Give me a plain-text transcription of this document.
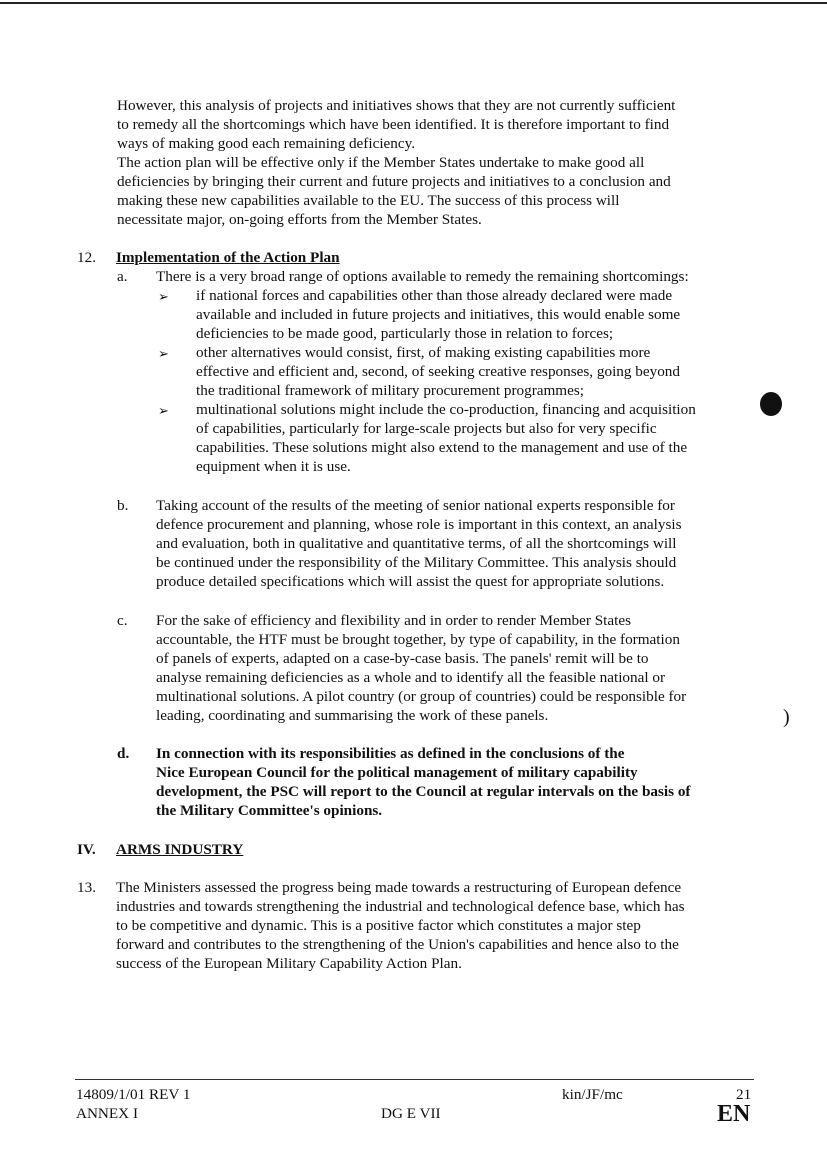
However, this analysis of projects and initiatives shows that they are not currently sufficient
to remedy all the shortcomings which have been identified. It is therefore important to find
ways of making good each remaining deficiency.
The action plan will be effective only if the Member States undertake to make good all
deficiencies by bringing their current and future projects and initiatives to a conclusion and
making these new capabilities available to the EU. The success of this process will
necessitate major, on-going efforts from the Member States.
12. Implementation of the Action Plan
a. There is a very broad range of options available to remedy the remaining shortcomings:
➢ if national forces and capabilities other than those already declared were made
available and included in future projects and initiatives, this would enable some
deficiencies to be made good, particularly those in relation to forces;
➢ other alternatives would consist, first, of making existing capabilities more
effective and efficient and, second, of seeking creative responses, going beyond
the traditional framework of military procurement programmes;
➢ multinational solutions might include the co-production, financing and acquisition
of capabilities, particularly for large-scale projects but also for very specific
capabilities. These solutions might also extend to the management and use of the
equipment when it is use.
b. Taking account of the results of the meeting of senior national experts responsible for
defence procurement and planning, whose role is important in this context, an analysis
and evaluation, both in qualitative and quantitative terms, of all the shortcomings will
be continued under the responsibility of the Military Committee. This analysis should
produce detailed specifications which will assist the quest for appropriate solutions.
c. For the sake of efficiency and flexibility and in order to render Member States
accountable, the HTF must be brought together, by type of capability, in the formation
of panels of experts, adapted on a case-by-case basis. The panels' remit will be to
analyse remaining deficiencies as a whole and to identify all the feasible national or
multinational solutions. A pilot country (or group of countries) could be responsible for
leading, coordinating and summarising the work of these panels.
d. In connection with its responsibilities as defined in the conclusions of the
Nice European Council for the political management of military capability
development, the PSC will report to the Council at regular intervals on the basis of
the Military Committee's opinions.
IV. ARMS INDUSTRY
13. The Ministers assessed the progress being made towards a restructuring of European defence
industries and towards strengthening the industrial and technological defence base, which has
to be competitive and dynamic. This is a positive factor which constitutes a major step
forward and contributes to the strengthening of the Union's capabilities and hence also to the
success of the European Military Capability Action Plan.
)
14809/1/01 REV 1
ANNEX I
kin/JF/mc
DG E VII
21
EN
